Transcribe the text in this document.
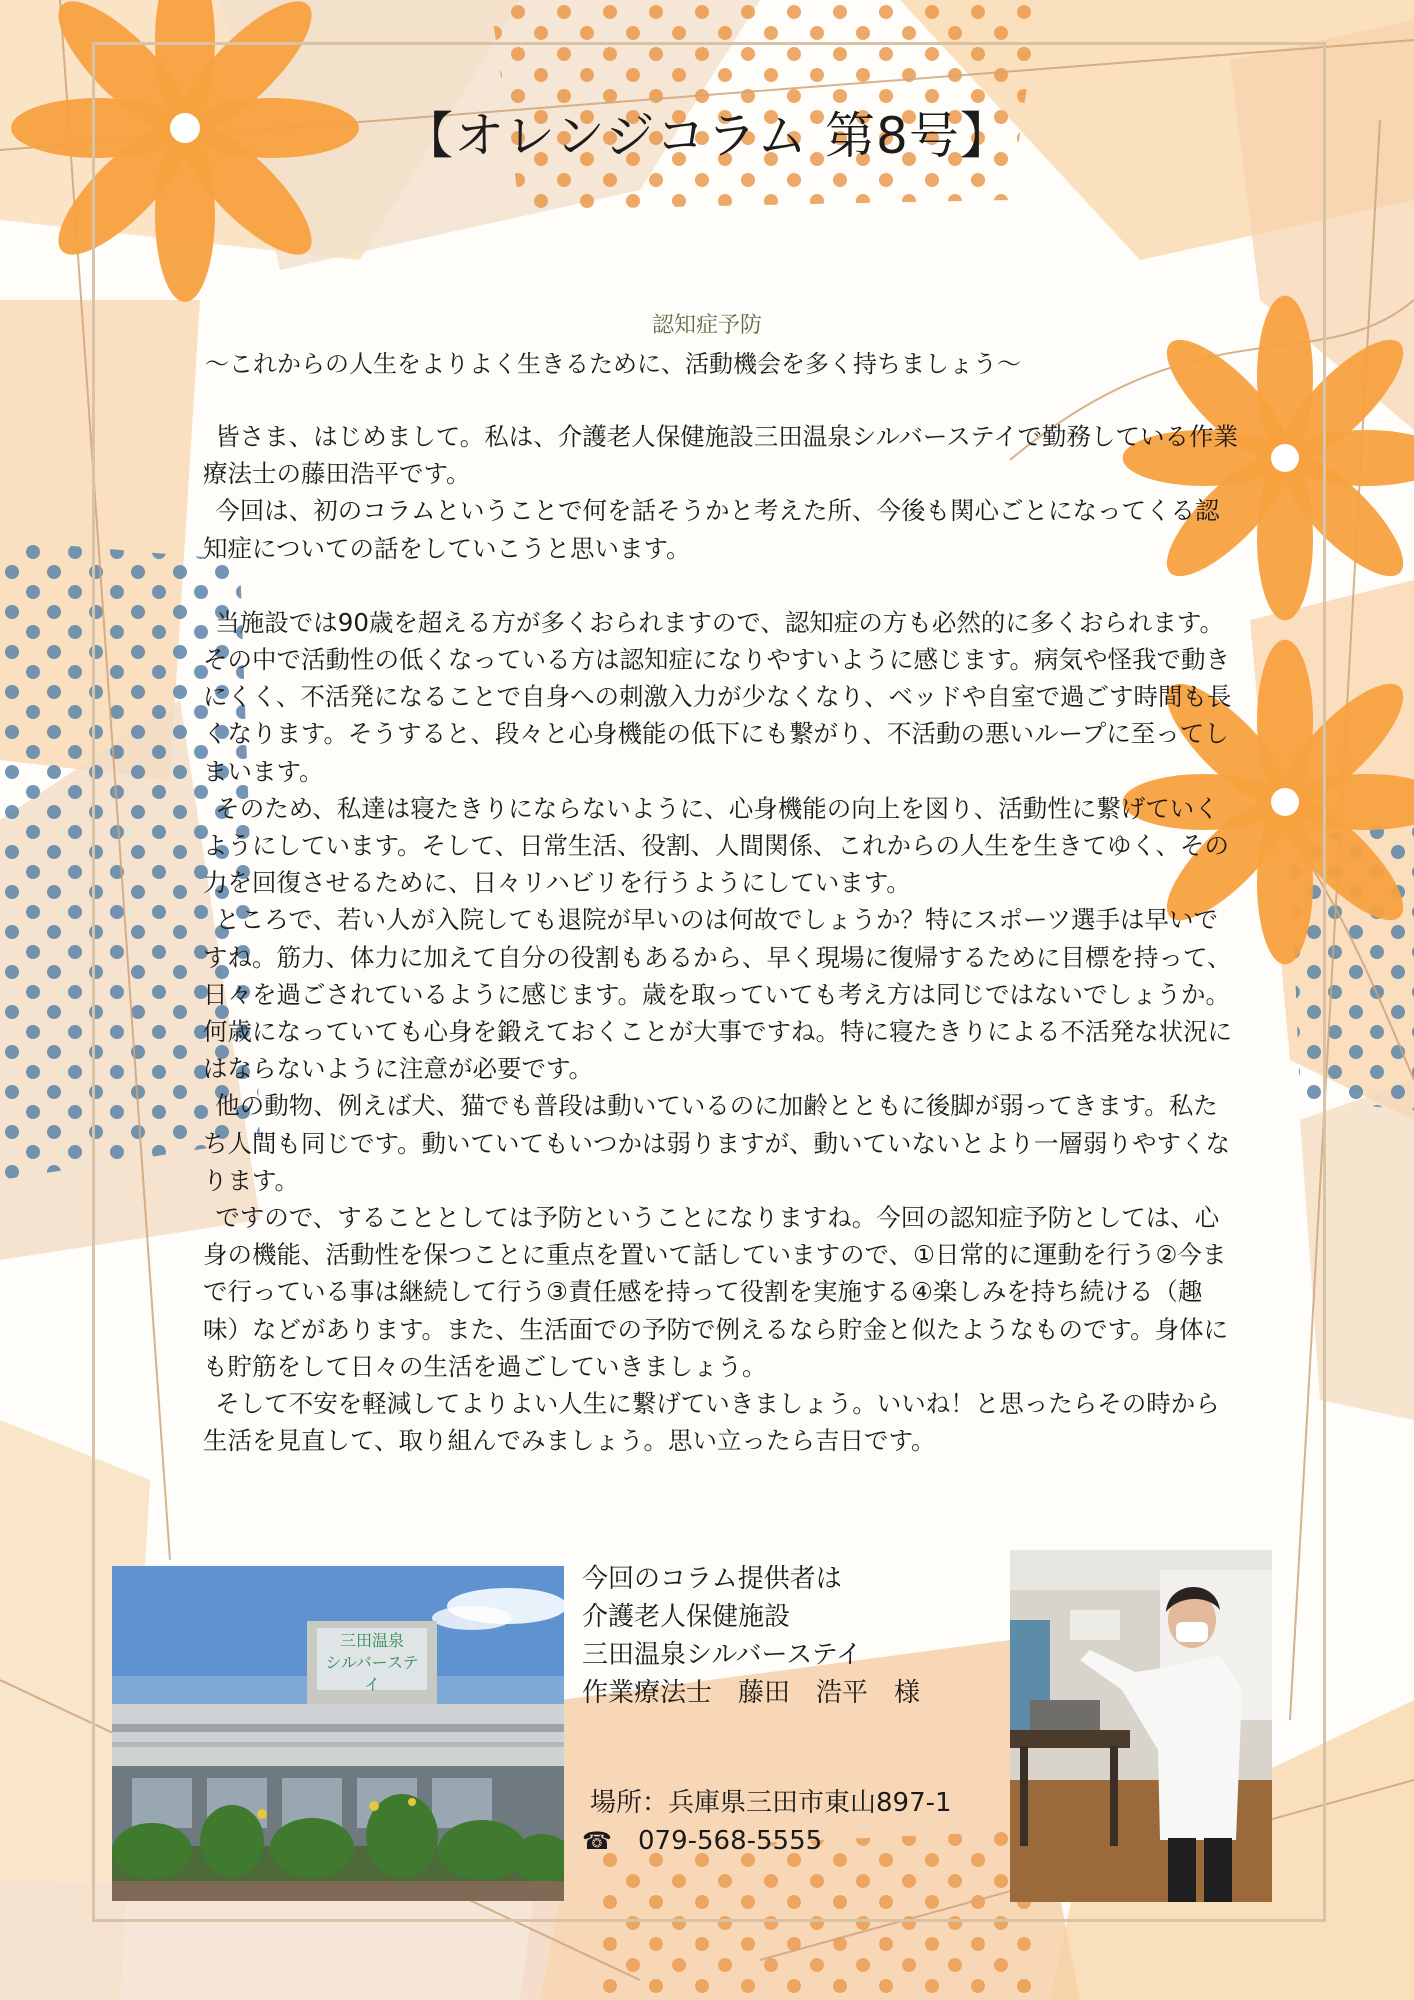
【オレンジコラム 第8号】
認知症予防
～これからの人生をよりよく生きるために、活動機会を多く持ちましょう～

皆さま、はじめまして。私は、介護老人保健施設三田温泉シルバーステイで勤務している作業療法士の藤田浩平です。

今回は、初のコラムということで何を話そうかと考えた所、今後も関心ごとになってくる認知症についての話をしていこうと思います。

当施設では90歳を超える方が多くおられますので、認知症の方も必然的に多くおられます。その中で活動性の低くなっている方は認知症になりやすいように感じます。病気や怪我で動きにくく、不活発になることで自身への刺激入力が少なくなり、ベッドや自室で過ごす時間も長くなります。そうすると、段々と心身機能の低下にも繋がり、不活動の悪いループに至ってしまいます。

そのため、私達は寝たきりにならないように、心身機能の向上を図り、活動性に繋げていくようにしています。そして、日常生活、役割、人間関係、これからの人生を生きてゆく、その力を回復させるために、日々リハビリを行うようにしています。

ところで、若い人が入院しても退院が早いのは何故でしょうか？特にスポーツ選手は早いですね。筋力、体力に加えて自分の役割もあるから、早く現場に復帰するために目標を持って、日々を過ごされているように感じます。歳を取っていても考え方は同じではないでしょうか。何歳になっていても心身を鍛えておくことが大事ですね。特に寝たきりによる不活発な状況にはならないように注意が必要です。

他の動物、例えば犬、猫でも普段は動いているのに加齢とともに後脚が弱ってきます。私たち人間も同じです。動いていてもいつかは弱りますが、動いていないとより一層弱りやすくなります。

ですので、することとしては予防ということになりますね。今回の認知症予防としては、心身の機能、活動性を保つことに重点を置いて話していますので、①日常的に運動を行う②今まで行っている事は継続して行う③責任感を持って役割を実施する④楽しみを持ち続ける（趣味）などがあります。また、生活面での予防で例えるなら貯金と似たようなものです。身体にも貯筋をして日々の生活を過ごしていきましょう。

そして不安を軽減してよりよい人生に繋げていきましょう。いいね！と思ったらその時から生活を見直して、取り組んでみましょう。思い立ったら吉日です。

三田温泉
シルバーステイ
今回のコラム提供者は
介護老人保健施設
三田温泉シルバーステイ
作業療法士　藤田　浩平　様
場所：兵庫県三田市東山897-1
☎	079-568-5555
